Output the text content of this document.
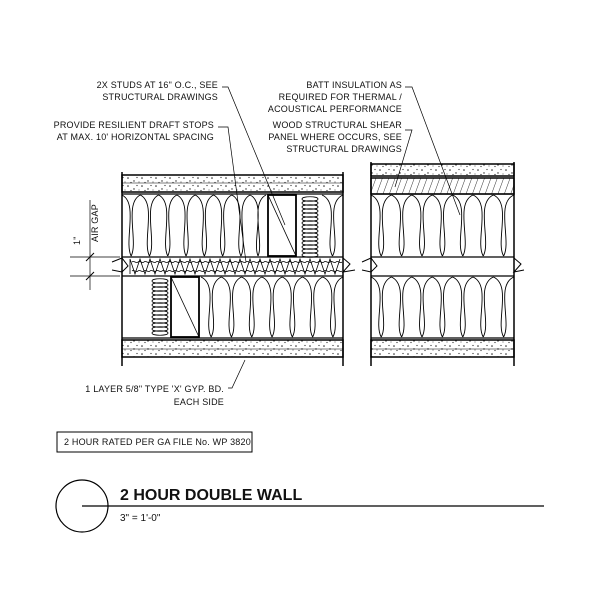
1" AIR GAP
2X STUDS AT 16" O.C., SEE
STRUCTURAL DRAWINGS
PROVIDE RESILIENT DRAFT STOPS
AT MAX. 10' HORIZONTAL SPACING
BATT INSULATION AS
REQUIRED FOR THERMAL /
ACOUSTICAL PERFORMANCE
WOOD STRUCTURAL SHEAR
PANEL WHERE OCCURS, SEE
STRUCTURAL DRAWINGS
1 LAYER 5/8" TYPE 'X' GYP. BD.
EACH SIDE
2 HOUR RATED PER GA FILE No. WP 3820
2 HOUR DOUBLE WALL
3" = 1'-0"
